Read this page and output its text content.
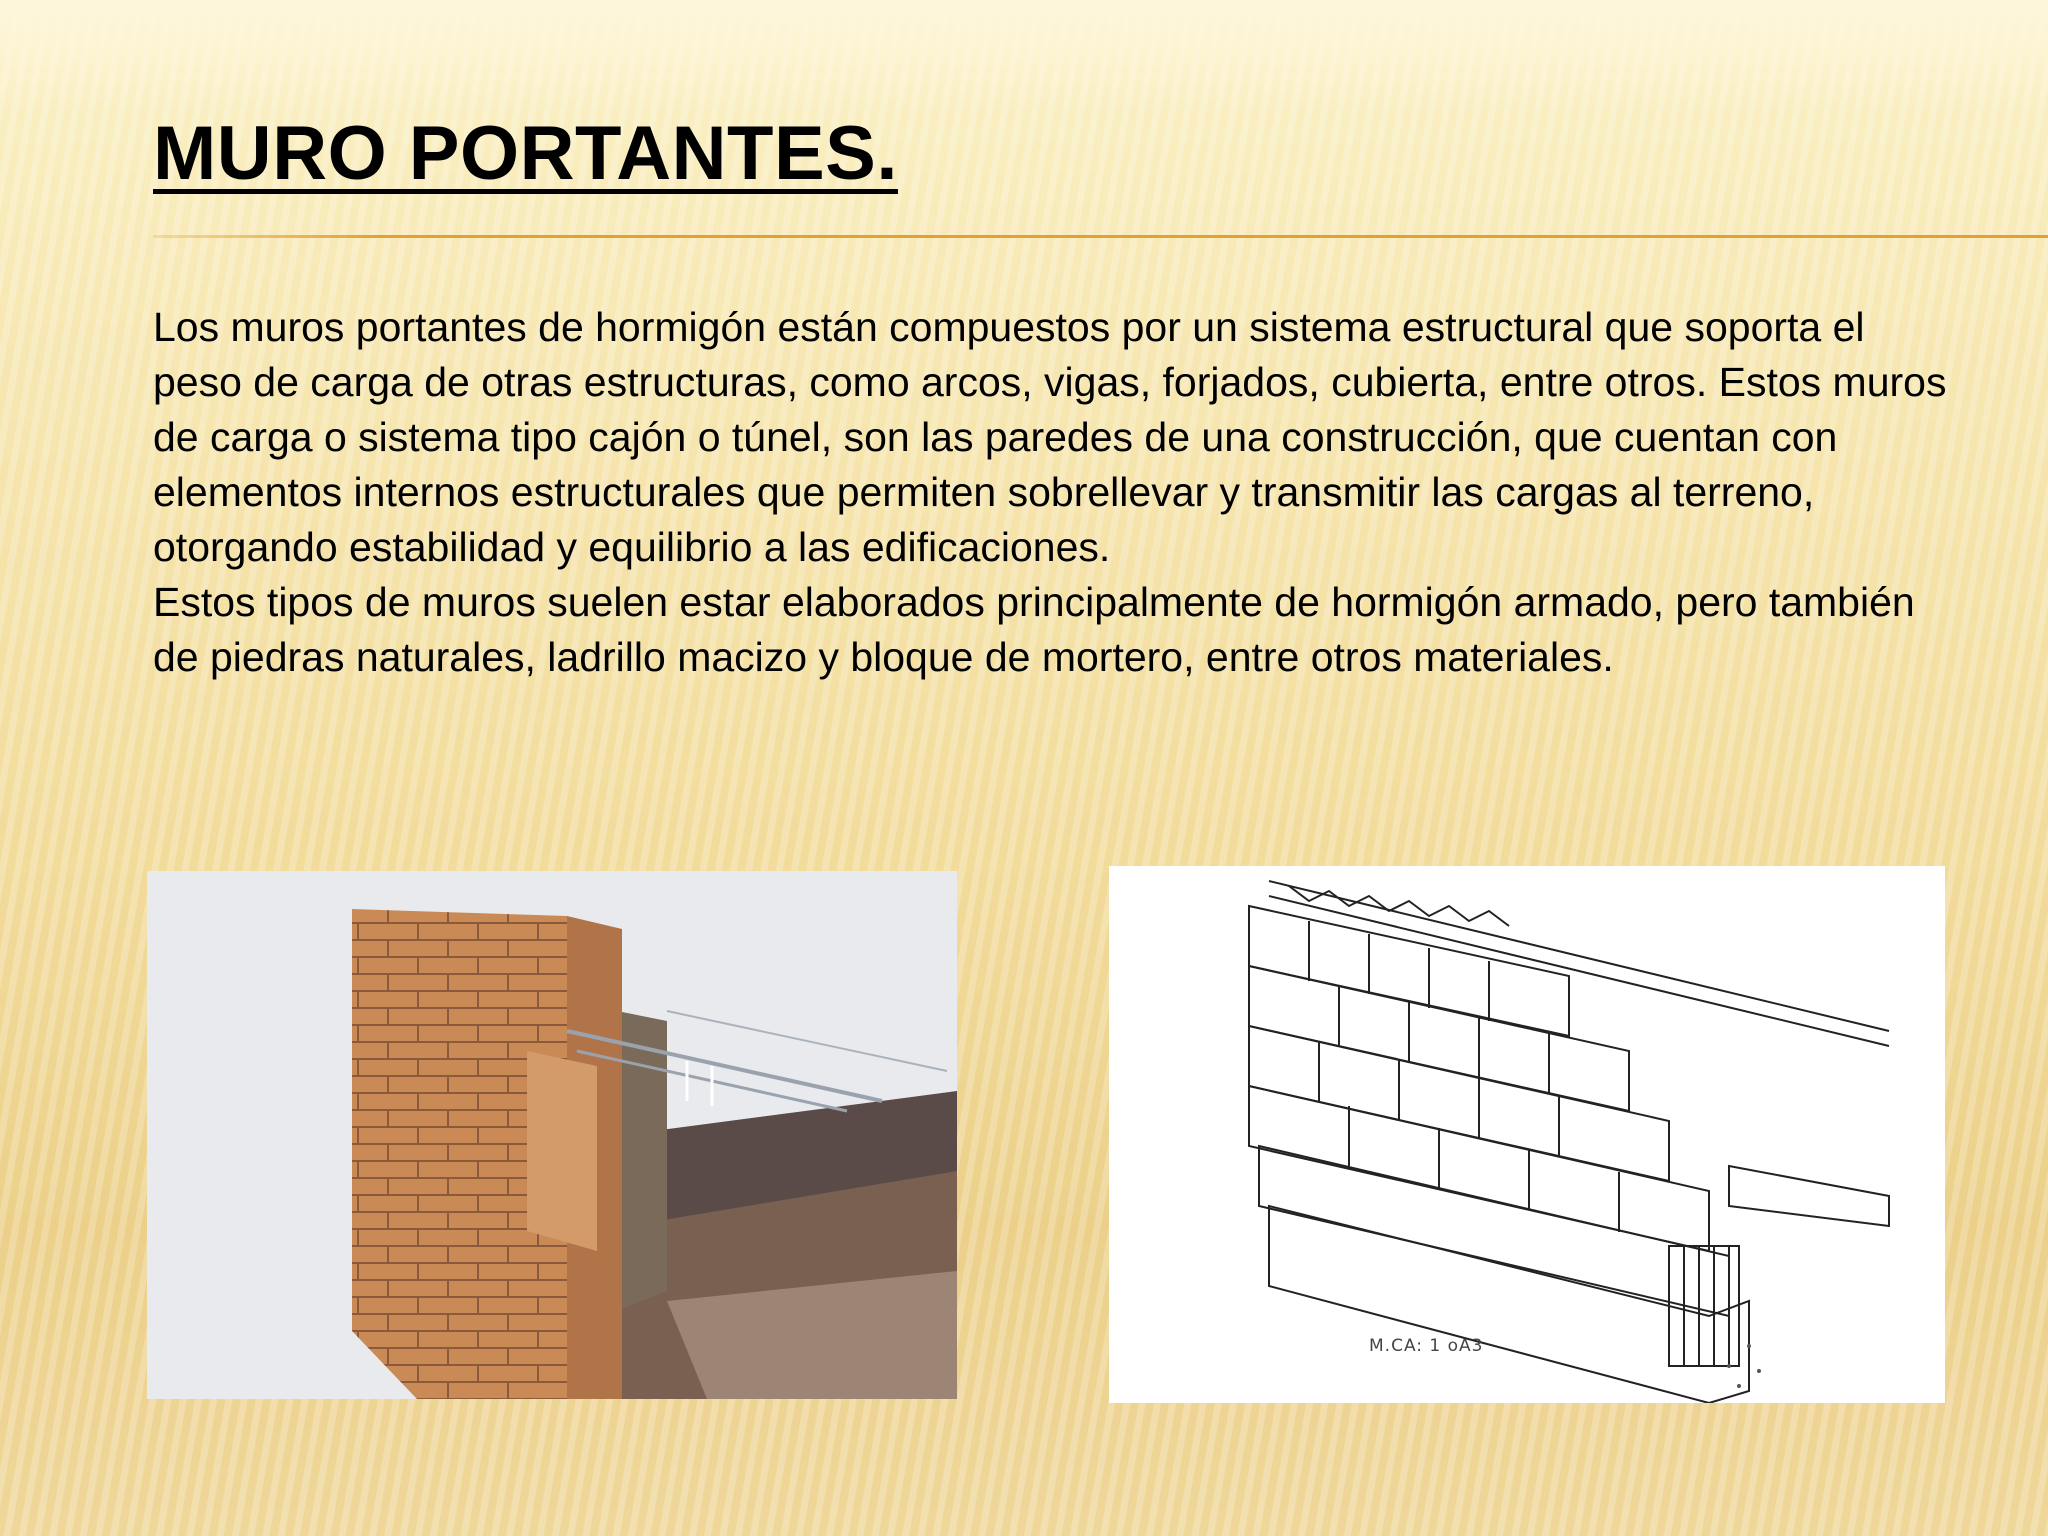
MURO PORTANTES.

Los muros portantes de hormigón están compuestos por un sistema estructural que soporta el peso de carga de otras estructuras, como arcos, vigas, forjados, cubierta, entre otros. Estos muros de carga o sistema tipo cajón o túnel, son las paredes de una construcción, que cuentan con elementos internos estructurales que permiten sobrellevar y transmitir las cargas al terreno, otorgando estabilidad y equilibrio a las edificaciones.

Estos tipos de muros suelen estar elaborados principalmente de hormigón armado, pero también de piedras naturales, ladrillo macizo y bloque de mortero, entre otros materiales.

M.CA: 1 oA3
